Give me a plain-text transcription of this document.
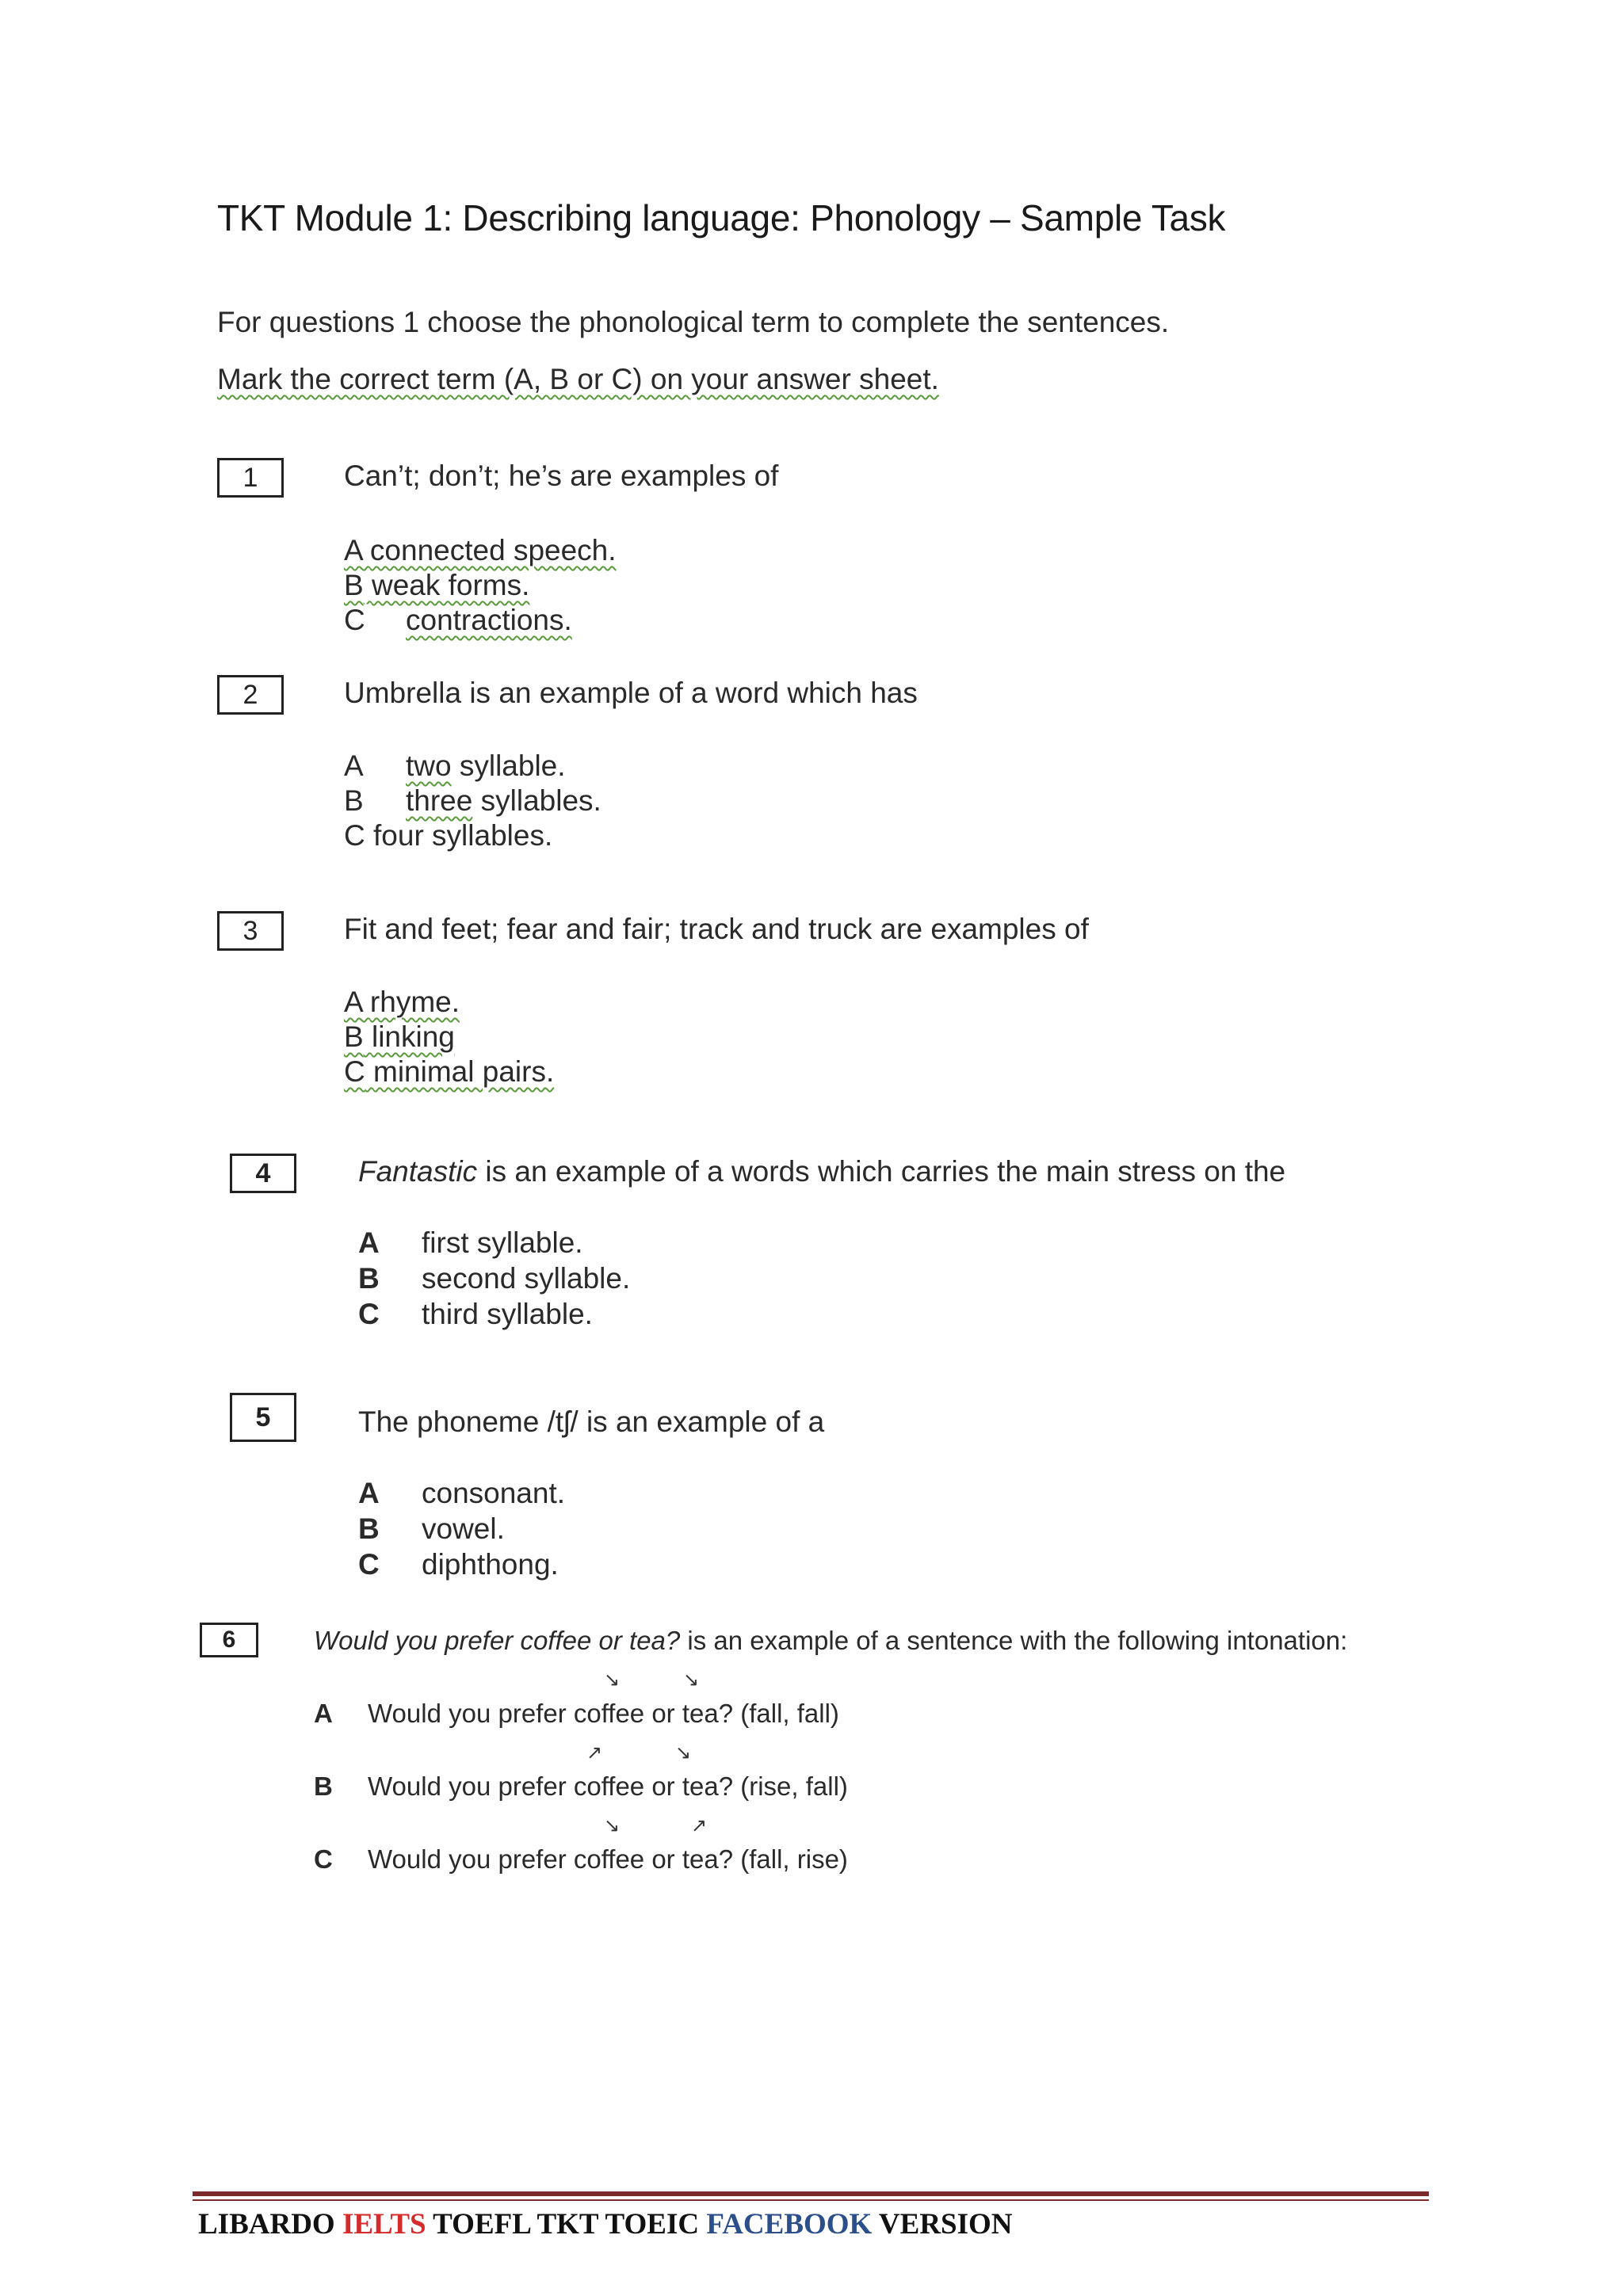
TKT Module 1: Describing language: Phonology – Sample Task
For questions 1 choose the phonological term to complete the sentences.
Mark the correct term (A, B or C) on your answer sheet.
1	Can’t; don’t; he’s are examples of
A connected speech.
B weak forms.
C contractions.
2	Umbrella is an example of a word which has
A two syllable.
B three syllables.
C four syllables.
3	Fit and feet; fear and fair; track and truck are examples of
A rhyme.
B linking
C minimal pairs.
4	Fantastic is an example of a words which carries the main stress on the
A first syllable.
B second syllable.
C third syllable.
5	The phoneme /tʃ/ is an example of a
A consonant.
B vowel.
C diphthong.
6	Would you prefer coffee or tea? is an example of a sentence with the following intonation:
↘	↘
A Would you prefer coffee or tea? (fall, fall)
↗	↘
B Would you prefer coffee or tea? (rise, fall)
↘	↗
C Would you prefer coffee or tea? (fall, rise)
LIBARDO IELTS TOEFL TKT TOEIC FACEBOOK VERSION
